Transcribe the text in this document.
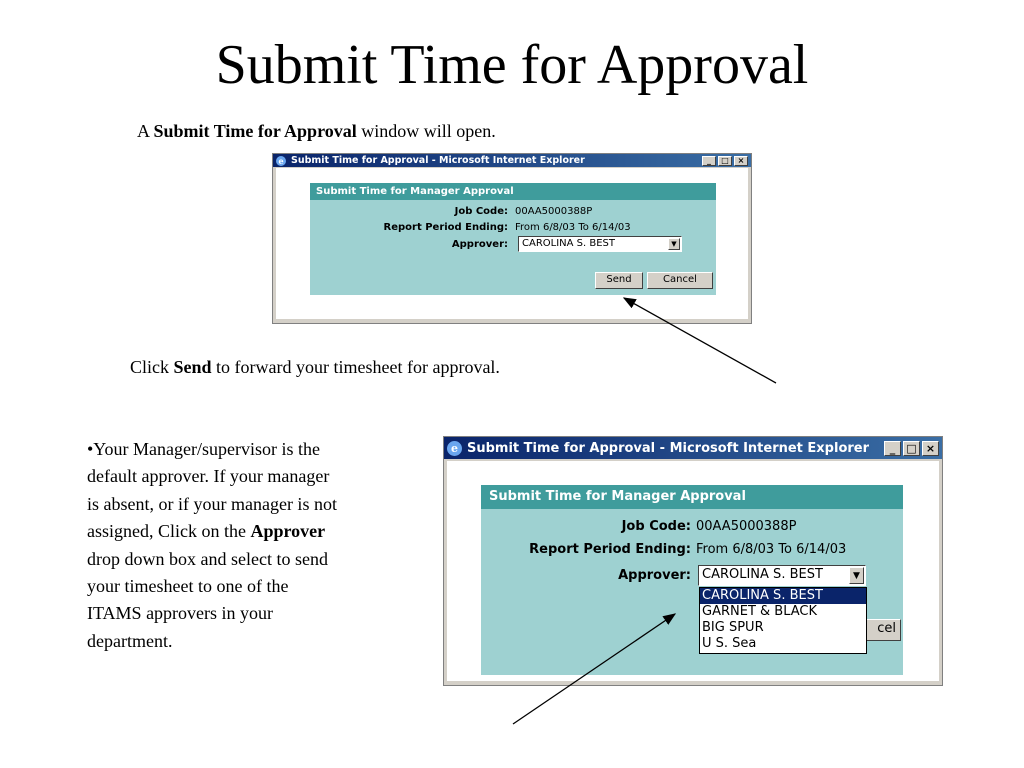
Submit Time for Approval
A Submit Time for Approval window will open.
e Submit Time for Approval - Microsoft Internet Explorer	_	□	×
Submit Time for Manager Approval
Job Code: 00AA5000388P
Report Period Ending: From 6/8/03 To 6/14/03
Approver:	CAROLINA S. BEST	▼
Send	Cancel
Click Send to forward your timesheet for approval.
•Your Manager/supervisor is the default approver. If your manager is absent, or if your manager is not assigned, Click on the Approver drop down box and select to send your timesheet to one of the ITAMS approvers in your department.
e Submit Time for Approval - Microsoft Internet Explorer	_	□ ×
Submit Time for Manager Approval
Job Code: 00AA5000388P
Report Period Ending: From 6/8/03 To 6/14/03
Approver: CAROLINA S. BEST	▼
cel
CAROLINA S. BEST
GARNET & BLACK
BIG SPUR
U S. Sea
